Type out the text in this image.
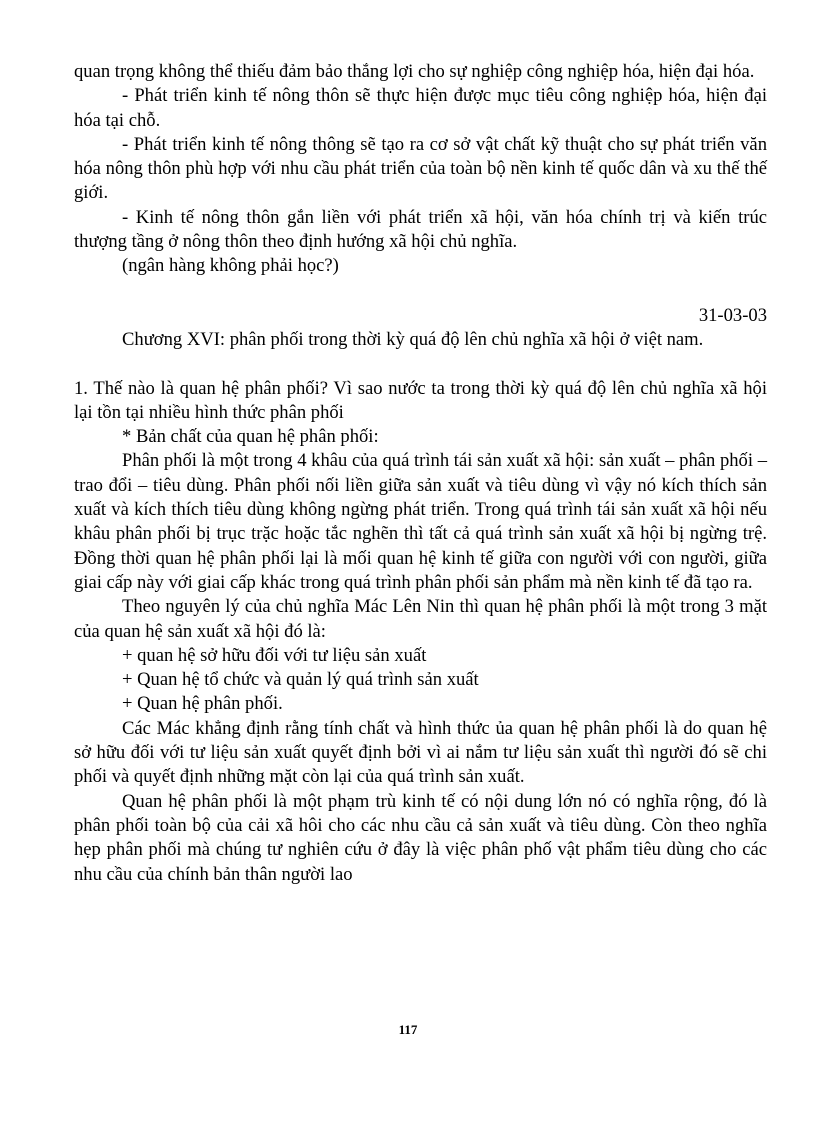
quan trọng không thể thiếu đảm bảo thắng lợi cho sự nghiệp công nghiệp hóa, hiện đại hóa.

- Phát triển kinh tế nông thôn sẽ thực hiện được mục tiêu công nghiệp hóa, hiện đại hóa tại chỗ.

- Phát triển kinh tế nông thông sẽ tạo ra cơ sở vật chất kỹ thuật cho sự phát triển văn hóa nông thôn phù hợp với nhu cầu phát triển của toàn bộ nền kinh tế quốc dân và xu thế thế giới.

- Kinh tế nông thôn gắn liền với phát triển xã hội, văn hóa chính trị và kiến trúc thượng tầng ở nông thôn theo định hướng xã hội chủ nghĩa.

(ngân hàng không phải học?)

31-03-03

Chương XVI: phân phối trong thời kỳ quá độ lên chủ nghĩa xã hội ở việt nam.

1. Thế nào là quan hệ phân phối? Vì sao nước ta trong thời kỳ quá độ lên chủ nghĩa xã hội lại tồn tại nhiều hình thức phân phối

* Bản chất của quan hệ phân phối:

Phân phối là một trong 4 khâu của quá trình tái sản xuất xã hội: sản xuất – phân phối – trao đổi – tiêu dùng. Phân phối nối liền giữa sản xuất và tiêu dùng vì vậy nó kích thích sản xuất và kích thích tiêu dùng không ngừng phát triển. Trong quá trình tái sản xuất xã hội nếu khâu phân phối bị trục trặc hoặc tắc nghẽn thì tất cả quá trình sản xuất xã hội bị ngừng trệ. Đồng thời quan hệ phân phối lại là mối quan hệ kinh tế giữa con người với con người, giữa giai cấp này với giai cấp khác trong quá trình phân phối sản phẩm mà nền kinh tế đã tạo ra.

Theo nguyên lý của chủ nghĩa Mác Lên Nin thì quan hệ phân phối là một trong 3 mặt của quan hệ sản xuất xã hội đó là:

+ quan hệ sở hữu đối với tư liệu sản xuất

+ Quan hệ tổ chức và quản lý quá trình sản xuất

+ Quan hệ phân phối.

Các Mác khẳng định rằng tính chất và hình thức ủa quan hệ phân phối là do quan hệ sở hữu đối với tư liệu sản xuất quyết định bởi vì ai nắm tư liệu sản xuất thì người đó sẽ chi phối và quyết định những mặt còn lại của quá trình sản xuất.

Quan hệ phân phối là một phạm trù kinh tế có nội dung lớn nó có nghĩa rộng, đó là phân phối toàn bộ của cải xã hôi cho các nhu cầu cả sản xuất và tiêu dùng. Còn theo nghĩa hẹp phân phối mà chúng tư nghiên cứu ở đây là việc phân phố vật phẩm tiêu dùng cho các nhu cầu của chính bản thân người lao

117
